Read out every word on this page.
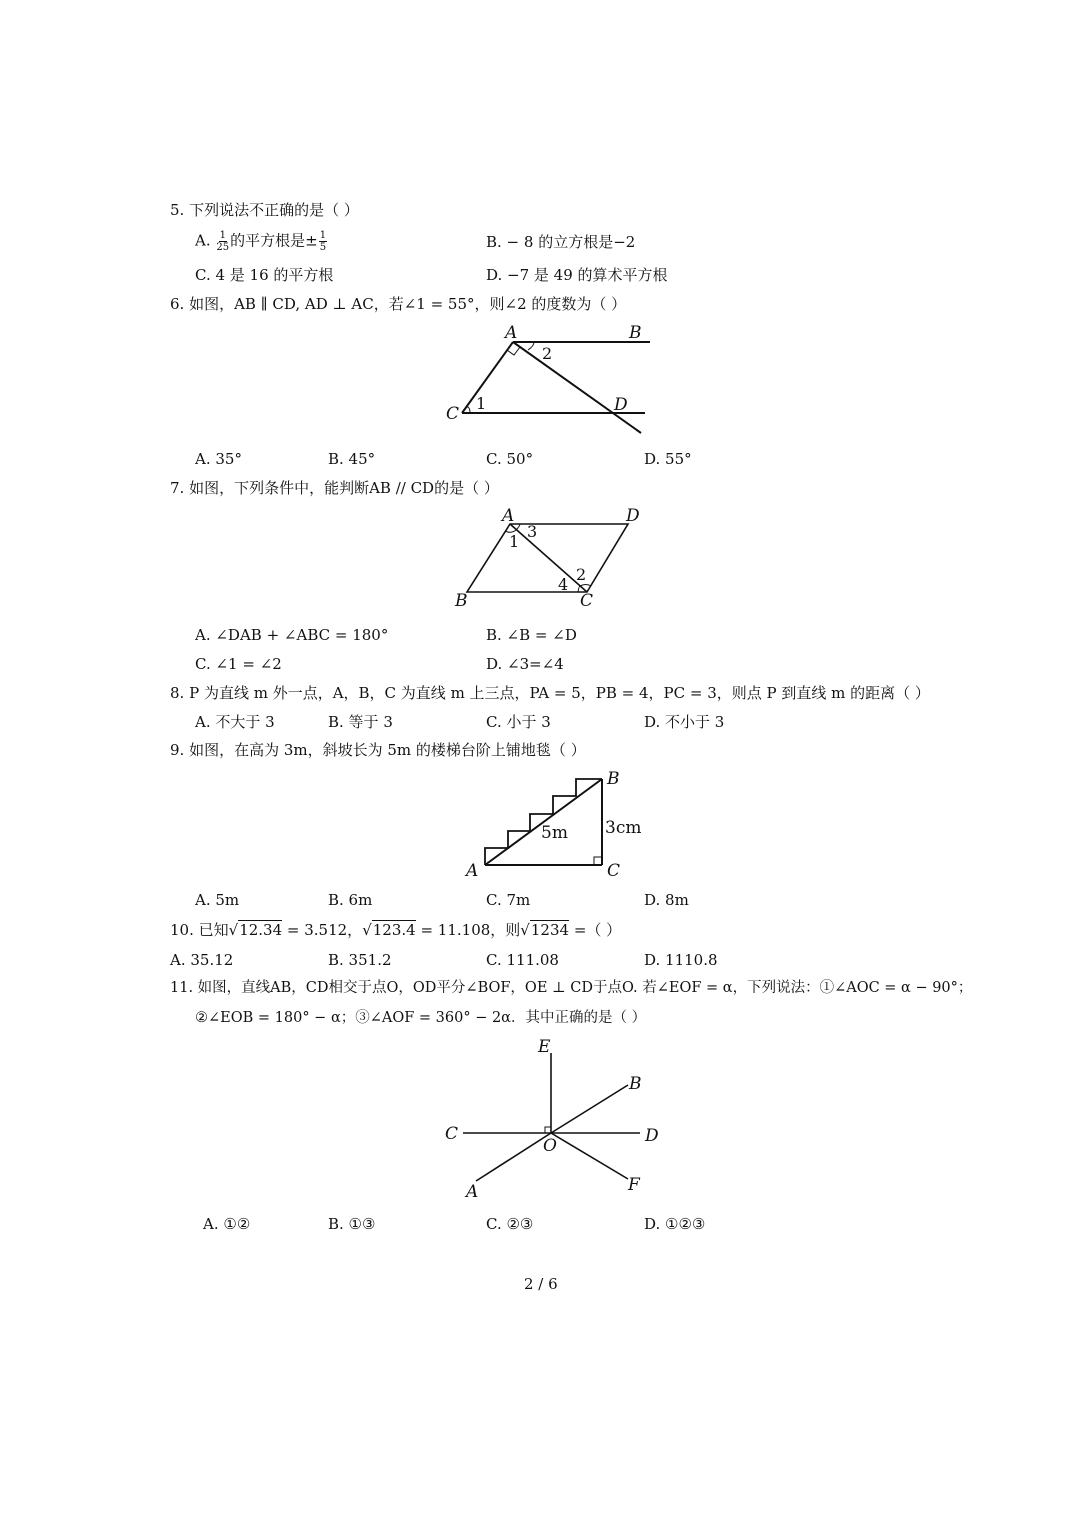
5. 下列说法不正确的是（ ）
A. $\frac{1}{25}$ 的平方根是± $\frac{1}{5}$	B. − 8 的立方根是−2
C. 4 是 16 的平方根	D. −7 是 49 的算术平方根
6. 如图，AB ∥ CD, AD ⊥ AC，若∠1 = 55°，则∠2 的度数为（ ）
A	B
C	D
1
2
A. 35°	B. 45°	C. 50°	D. 55°
7. 如图，下列条件中，能判断AB // CD的是（ ）
A	D
B	C
1
3
2
4
A. ∠DAB + ∠ABC = 180°	B. ∠B = ∠D
C. ∠1 = ∠2	D. ∠3=∠4
8. P 为直线 m 外一点，A，B，C 为直线 m 上三点，PA = 5，PB = 4，PC = 3，则点 P 到直线 m 的距离（ ）
A. 不大于 3	B. 等于 3	C. 小于 3	D. 不小于 3
9. 如图，在高为 3m，斜坡长为 5m 的楼梯台阶上铺地毯（ ）
A
B
C
5m 3cm
A. 5m	B. 6m	C. 7m	D. 8m
10. 已知√12.34 = 3.512，√123.4 = 11.108，则√1234 =（ ）
A. 35.12	B. 351.2	C. 111.08	D. 1110.8
11. 如图，直线AB，CD相交于点O，OD平分∠BOF，OE ⊥ CD于点O. 若∠EOF = α，下列说法：①∠AOC = α − 90°；
②∠EOB = 180° − α；③∠AOF = 360° − 2α．其中正确的是（ ）
E
B
C	D
O
A	F
A. ①②	B. ①③	C. ②③	D. ①②③
2 / 6
